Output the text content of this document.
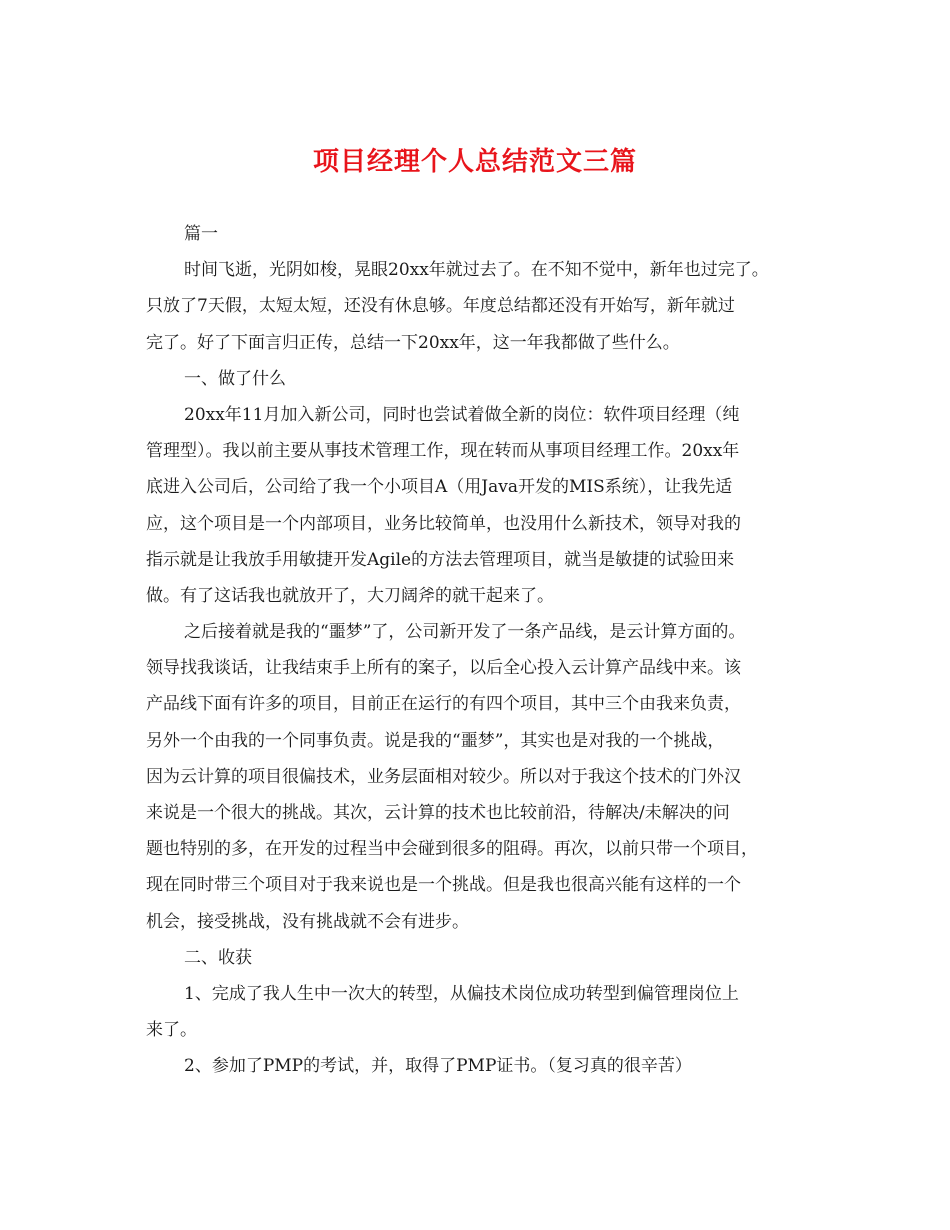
项目经理个人总结范文三篇
篇一
时间飞逝，光阴如梭，晃眼20xx年就过去了。在不知不觉中，新年也过完了。
只放了7天假，太短太短，还没有休息够。年度总结都还没有开始写，新年就过
完了。好了下面言归正传，总结一下20xx年，这一年我都做了些什么。
一、做了什么
20xx年11月加入新公司，同时也尝试着做全新的岗位：软件项目经理（纯
管理型）。我以前主要从事技术管理工作，现在转而从事项目经理工作。20xx年
底进入公司后，公司给了我一个小项目A（用Java开发的MIS系统），让我先适
应，这个项目是一个内部项目，业务比较简单，也没用什么新技术，领导对我的
指示就是让我放手用敏捷开发Agile的方法去管理项目，就当是敏捷的试验田来
做。有了这话我也就放开了，大刀阔斧的就干起来了。
之后接着就是我的“噩梦”了，公司新开发了一条产品线，是云计算方面的。
领导找我谈话，让我结束手上所有的案子，以后全心投入云计算产品线中来。该
产品线下面有许多的项目，目前正在运行的有四个项目，其中三个由我来负责，
另外一个由我的一个同事负责。说是我的“噩梦”，其实也是对我的一个挑战，
因为云计算的项目很偏技术，业务层面相对较少。所以对于我这个技术的门外汉
来说是一个很大的挑战。其次，云计算的技术也比较前沿，待解决/未解决的问
题也特别的多，在开发的过程当中会碰到很多的阻碍。再次，以前只带一个项目，
现在同时带三个项目对于我来说也是一个挑战。但是我也很高兴能有这样的一个
机会，接受挑战，没有挑战就不会有进步。
二、收获
1、完成了我人生中一次大的转型，从偏技术岗位成功转型到偏管理岗位上
来了。
2、参加了PMP的考试，并，取得了PMP证书。（复习真的很辛苦）
